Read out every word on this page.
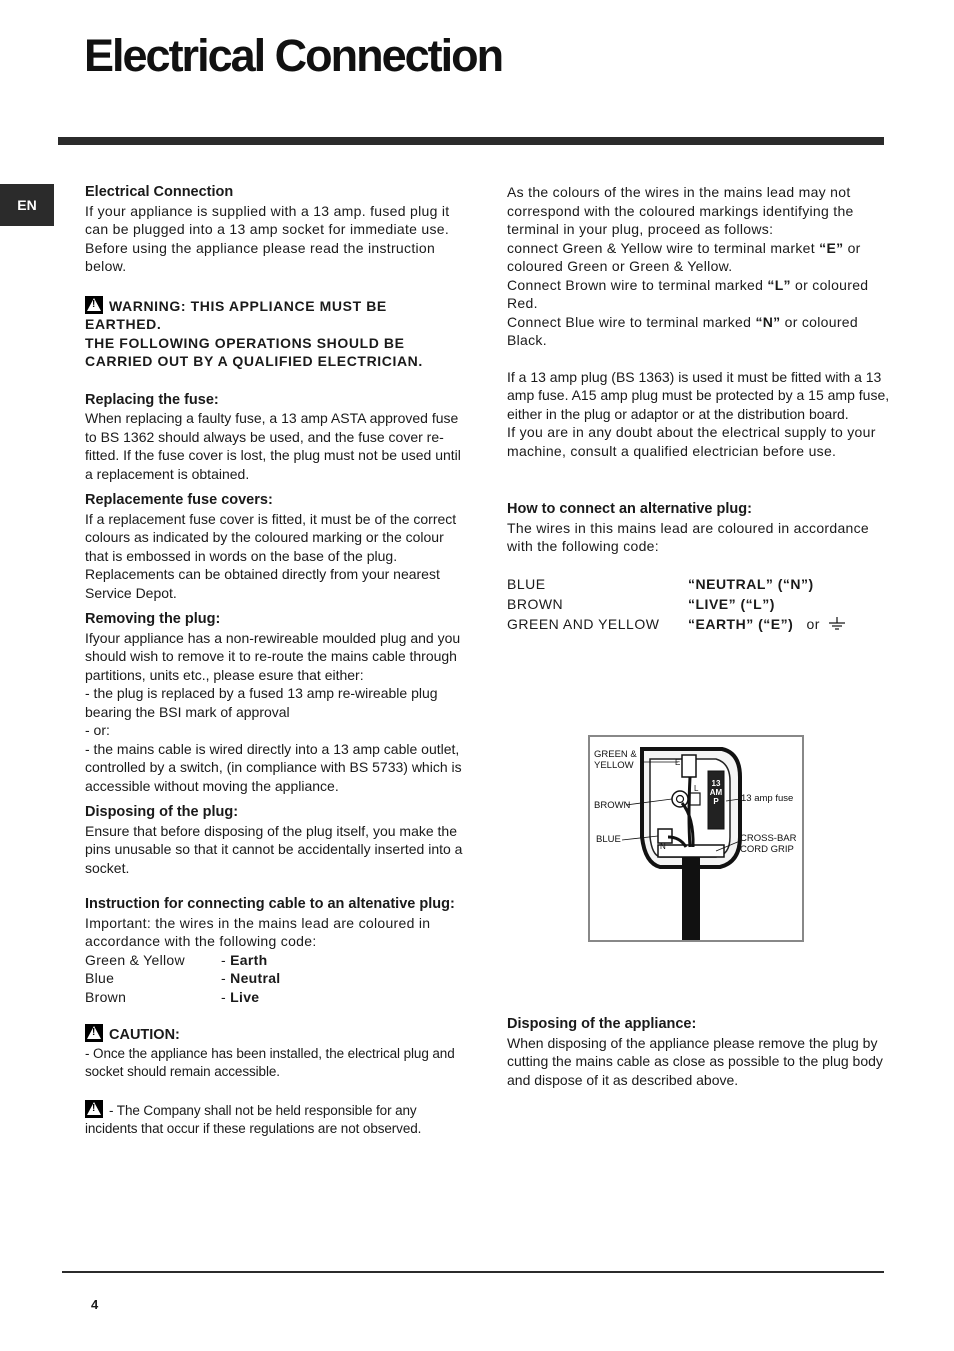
Electrical Connection
EN

Electrical Connection

If your appliance is supplied with a 13 amp. fused plug it can be plugged into a 13 amp socket for immediate use. Before using the appliance please read the instruction below.

!WARNING: THIS APPLIANCE MUST BE EARTHED.

THE FOLLOWING OPERATIONS SHOULD BE CARRIED OUT BY A QUALIFIED ELECTRICIAN.

Replacing the fuse:

When replacing a faulty fuse, a 13 amp ASTA approved fuse to BS 1362 should always be used, and the fuse cover re-fitted. If the fuse cover is lost, the plug must not be used until a replacement is obtained.

Replacemente fuse covers:

If a replacement fuse cover is fitted, it must be of the correct colours as indicated by the coloured marking or the colour that is embossed in words on the base of the plug. Replacements can be obtained directly from your nearest Service Depot.

Removing the plug:

Ifyour appliance has a non-rewireable moulded plug and you should wish to remove it to re-route the mains cable through partitions, units etc., please esure that either:

- the plug is replaced by a fused 13 amp re-wireable plug bearing the BSI mark of approval

- or:

- the mains cable is wired directly into a 13 amp cable outlet, controlled by a switch, (in compliance with BS 5733) which is accessible without moving the appliance.

Disposing of the plug:

Ensure that before disposing of the plug itself, you make the pins unusable so that it cannot be accidentally inserted into a socket.

Instruction for connecting cable to an altenative plug:

Important: the wires in the mains lead are coloured in accordance with the following code:

Green & Yellow	- Earth
Blue	- Neutral
Brown	- Live

!CAUTION:

- Once the appliance has been installed, the electrical plug and socket should remain accessible.

!- The Company shall not be held responsible for any incidents that occur if these regulations are not observed.

As the colours of the wires in the mains lead may not correspond with the coloured markings identifying the terminal in your plug, proceed as follows:

connect Green & Yellow wire to terminal market “E” or coloured Green or Green & Yellow.

Connect Brown wire to terminal marked “L” or coloured Red.

Connect Blue wire to terminal marked “N” or coloured Black.

If a 13 amp plug (BS 1363) is used it must be fitted with a 13 amp fuse. A15 amp plug must be protected by a 15 amp fuse, either in the plug or adaptor or at the distribution board.

If you are in any doubt about the electrical supply to your machine, consult a qualified electrician before use.

How to connect an alternative plug:

The wires in this mains lead are coloured in accordance with the following code:

BLUE	“NEUTRAL” (“N”)
BROWN	“LIVE” (“L”)
GREEN AND YELLOW	“EARTH” (“E”) or
GREEN & YELLOW
BROWN
BLUE
13 amp fuse
CROSS-BAR CORD GRIP
13 AMP
E
L
N

Disposing of the appliance:

When disposing of the appliance please remove the plug by cutting the mains cable as close as possible to the plug body and dispose of it as described above.

4
